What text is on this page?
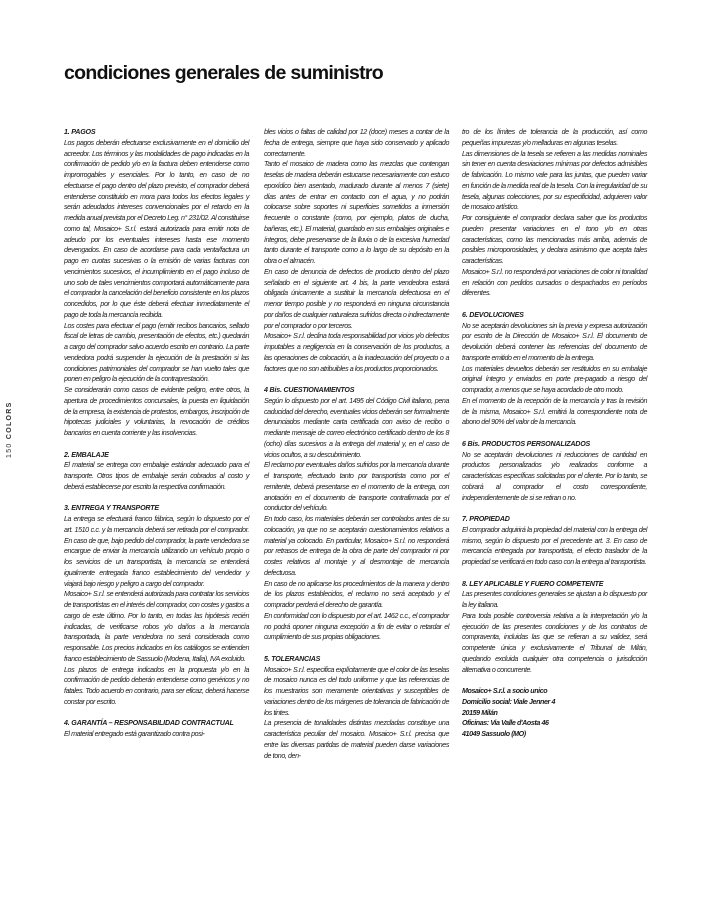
condiciones generales de suministro
150 COLORS
1. PAGOS
Los pagos deberán efectuarse exclusivamente en el domicilio del acreedor. Los términos y las modalidades de pago indicadas en la confirmación de pedido y/o en la factura deben entenderse como improrrogables y esenciales. Por lo tanto, en caso de no efectuarse el pago dentro del plazo previsto, el comprador deberá entenderse constituido en mora para todos los efectos legales y serán adeudados intereses convencionales por el retardo en la medida anual prevista por el Decreto Leg. n° 231/02. Al constituirse como tal, Mosaico+ S.r.l. estará autorizada para emitir nota de adeudo por los eventuales intereses hasta ese momento devengados. En caso de acordarse para cada venta/factura un pago en cuotas sucesivas o la emisión de varias facturas con vencimientos sucesivos, el incumplimiento en el pago incluso de uno solo de tales vencimientos comportará automáticamente para el comprador la cancelación del beneficio consistente en los plazos concedidos, por lo que éste deberá efectuar inmediatamente el pago de toda la mercancía recibida.
Los costes para efectuar el pago (emitir recibos bancarios, sellado fiscal de letras de cambio, presentación de efectos, etc.) quedarán a cargo del comprador salvo acuerdo escrito en contrario. La parte vendedora podrá suspender la ejecución de la prestación si las condiciones patrimoniales del comprador se han vuelto tales que ponen en peligro la ejecución de la contraprestación.
Se considerarán como casos de evidente peligro, entre otros, la apertura de procedimientos concursales, la puesta en liquidación de la empresa, la existencia de protestos, embargos, inscripción de hipotecas judiciales y voluntarias, la revocación de créditos bancarios en cuenta corriente y las insolvencias.
2. EMBALAJE
El material se entrega con embalaje estándar adecuado para el transporte. Otros tipos de embalaje serán cobrados al costo y deberá establecerse por escrito la respectiva confirmación.
3. ENTREGA Y TRANSPORTE
La entrega se efectuará franco fábrica, según lo dispuesto por el art. 1510 c.c. y la mercancía deberá ser retirada por el comprador. En caso de que, bajo pedido del comprador, la parte vendedora se encargue de enviar la mercancía utilizando un vehículo propio o los servicios de un transportista, la mercancía se entenderá igualmente entregada franco establecimiento del vendedor y viajará bajo riesgo y peligro a cargo del comprador.
Mosaico+ S.r.l. se entenderá autorizada para contratar los servicios de transportistas en el interés del comprador, con costes y gastos a cargo de este último. Por lo tanto, en todas las hipótesis recién indicadas, de verificarse robos y/o daños a la mercancía transportada, la parte vendedora no será considerada como responsable. Los precios indicados en los catálogos se entienden franco establecimiento de Sassuolo (Modena, Italia), IVA excluido.
Los plazos de entrega indicados en la propuesta y/o en la confirmación de pedido deberán entenderse como genéricos y no fatales. Todo acuerdo en contrario, para ser eficaz, deberá hacerse constar por escrito.
4. GARANTÍA – RESPONSABILIDAD CONTRACTUAL
El material entregado está garantizado contra posi-
bles vicios o faltas de calidad por 12 (doce) meses a contar de la fecha de entrega, siempre que haya sido conservado y aplicado correctamente.
Tanto el mosaico de madera como las mezclas que contengan teselas de madera deberán estucarse necesariamente con estuco epoxídico bien asentado, madurado durante al menos 7 (siete) días antes de entrar en contacto con el agua, y no podrán colocarse sobre soportes ni superficies sometidos a inmersión frecuente o constante (como, por ejemplo, platos de ducha, bañeras, etc.). El material, guardado en sus embalajes originales e íntegros, debe preservarse de la lluvia o de la excesiva humedad tanto durante el transporte como a lo largo de su depósito en la obra o el almacén.
En caso de denuncia de defectos de producto dentro del plazo señalado en el siguiente art. 4 bis, la parte vendedora estará obligada únicamente a sustituir la mercancía defectuosa en el menor tiempo posible y no responderá en ninguna circunstancia por daños de cualquier naturaleza sufridos directa o indirectamente por el comprador o por terceros.
Mosaico+ S.r.l. declina toda responsabilidad por vicios y/o defectos imputables a negligencia en la conservación de los productos, a las operaciones de colocación, a la inadecuación del proyecto o a factores que no son atribuibles a los productos proporcionados.
4 Bis. CUESTIONAMIENTOS
Según lo dispuesto por el art. 1495 del Código Civil italiano, pena caducidad del derecho, eventuales vicios deberán ser formalmente denunciados mediante carta certificada con aviso de recibo o mediante mensaje de correo electrónico certificado dentro de los 8 (ocho) días sucesivos a la entrega del material y, en el caso de vicios ocultos, a su descubrimiento.
El reclamo por eventuales daños sufridos por la mercancía durante el transporte, efectuado tanto por transportista como por el remitente, deberá presentarse en el momento de la entrega, con anotación en el documento de transporte contrafirmada por el conductor del vehículo.
En todo caso, los materiales deberán ser controlados antes de su colocación, ya que no se aceptarán cuestionamientos relativos a material ya colocado. En particular, Mosaico+ S.r.l. no responderá por retrasos de entrega de la obra de parte del comprador ni por costes relativos al montaje y al desmontaje de mercancía defectuosa.
En caso de no aplicarse los procedimientos de la manera y dentro de los plazos establecidos, el reclamo no será aceptado y el comprador perderá el derecho de garantía.
En conformidad con lo dispuesto por el art. 1462 c.c., el comprador no podrá oponer ninguna excepción a fin de evitar o retardar el cumplimiento de sus propias obligaciones.
5. TOLERANCIAS
Mosaico+ S.r.l. especifica explícitamente que el color de las teselas de mosaico nunca es del todo uniforme y que las referencias de los muestrarios son meramente orientativas y susceptibles de variaciones dentro de los márgenes de tolerancia de fabricación de los tintes.
La presencia de tonalidades distintas mezcladas constituye una característica peculiar del mosaico. Mosaico+ S.r.l. precisa que entre las diversas partidas de material pueden darse variaciones de tono, den-
tro de los límites de tolerancia de la producción, así como pequeñas impurezas y/o melladuras en algunas teselas.
Las dimensiones de la tesela se refieren a las medidas nominales sin tener en cuenta desviaciones mínimas por defectos admisibles de fabricación. Lo mismo vale para las juntas, que pueden variar en función de la medida real de la tesela. Con la irregularidad de su tesela, algunas colecciones, por su especificidad, adquieren valor de mosaico artístico.
Por consiguiente el comprador declara saber que los productos pueden presentar variaciones en el tono y/o en otras características, como las mencionadas más arriba, además de posibles microporosidades, y declara asimismo que acepta tales características.
Mosaico+ S.r.l. no responderá por variaciones de color ni tonalidad en relación con pedidos cursados o despachados en períodos diferentes.
6. DEVOLUCIONES
No se aceptarán devoluciones sin la previa y expresa autorización por escrito de la Dirección de Mosaico+ S.r.l. El documento de devolución deberá contener las referencias del documento de transporte emitido en el momento de la entrega.
Los materiales devueltos deberán ser restituidos en su embalaje original íntegro y enviados en porte pre-pagado a riesgo del comprador, a menos que se haya acordado de otro modo.
En el momento de la recepción de la mercancía y tras la revisión de la misma, Mosaico+ S.r.l. emitirá la correspondiente nota de abono del 90% del valor de la mercancía.
6 Bis. PRODUCTOS PERSONALIZADOS
No se aceptarán devoluciones ni reducciones de cantidad en productos personalizados y/o realizados conforme a características específicas solicitadas por el cliente. Por lo tanto, se cobrará al comprador el costo correspondiente, independientemente de si se retiran o no.
7. PROPIEDAD
El comprador adquirirá la propiedad del material con la entrega del mismo, según lo dispuesto por el precedente art. 3. En caso de mercancía entregada por transportista, el efecto traslador de la propiedad se verificará en todo caso con la entrega al transportista.
8. LEY APLICABLE Y FUERO COMPETENTE
Las presentes condiciones generales se ajustan a lo dispuesto por la ley italiana.
Para toda posible controversia relativa a la interpretación y/o la ejecución de las presentes condiciones y de los contratos de compraventa, incluidas las que se refieran a su validez, será competente única y exclusivamente el Tribunal de Milán, quedando excluida cualquier otra competencia o jurisdicción alternativa o concurrente.
Mosaico+ S.r.l. a socio unico
Domicilio social: Viale Jenner 4
20159 Milán
Oficinas: Via Valle d'Aosta 46
41049 Sassuolo (MO)
